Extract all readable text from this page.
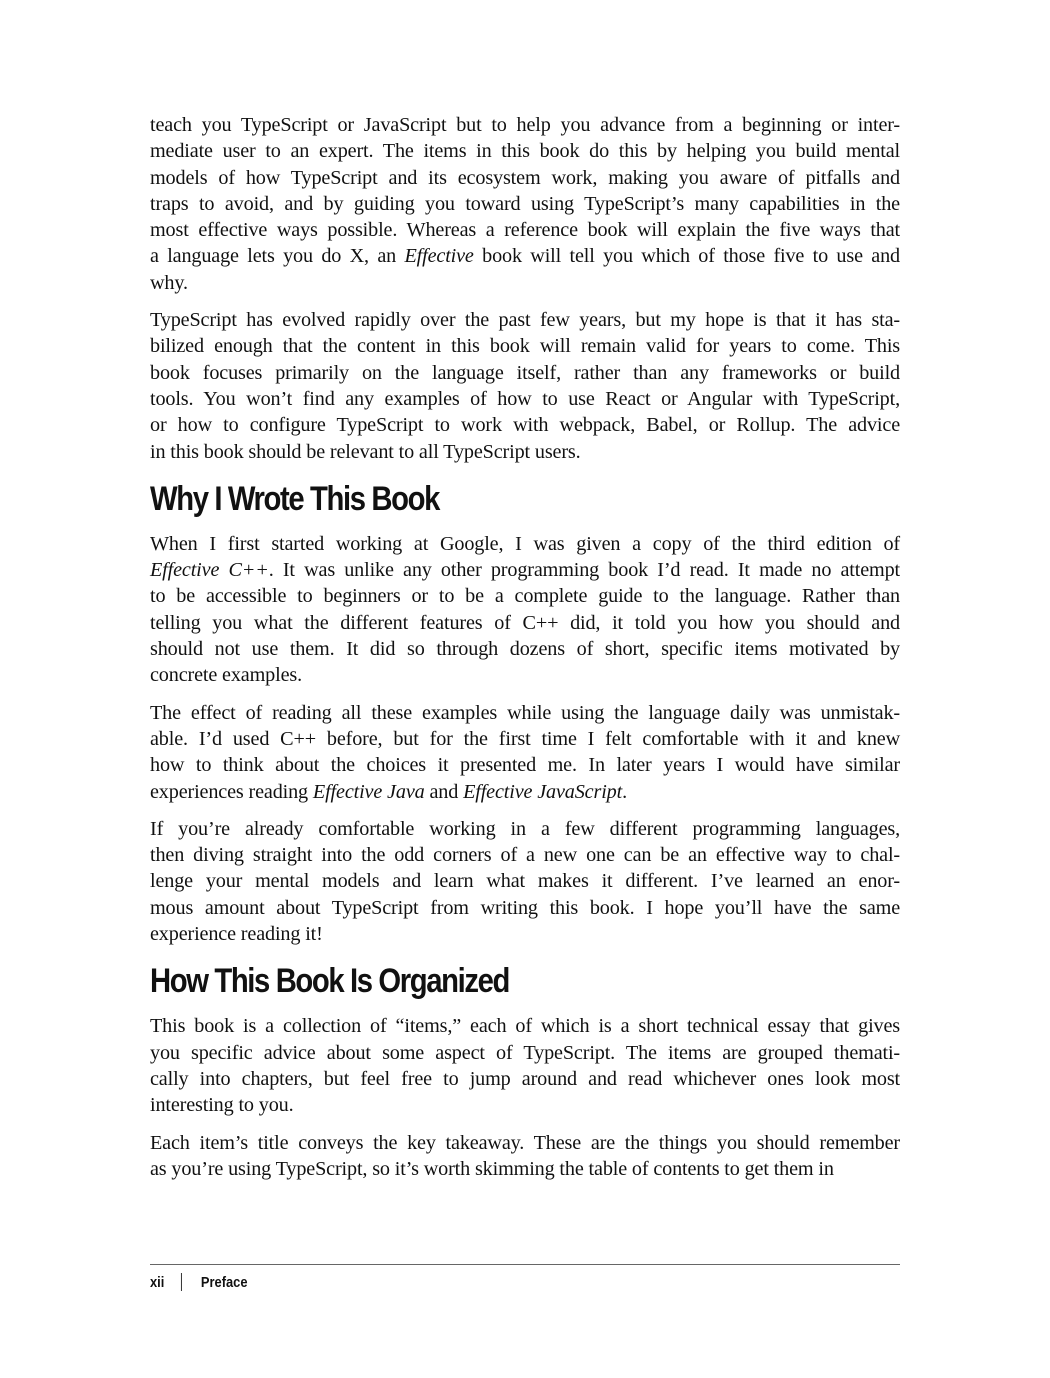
teach you TypeScript or JavaScript but to help you advance from a beginning or inter-
mediate user to an expert. The items in this book do this by helping you build mental
models of how TypeScript and its ecosystem work, making you aware of pitfalls and
traps to avoid, and by guiding you toward using TypeScript’s many capabilities in the
most effective ways possible. Whereas a reference book will explain the five ways that
a language lets you do X, an Effective book will tell you which of those five to use and
why.
TypeScript has evolved rapidly over the past few years, but my hope is that it has sta-
bilized enough that the content in this book will remain valid for years to come. This
book focuses primarily on the language itself, rather than any frameworks or build
tools. You won’t find any examples of how to use React or Angular with TypeScript,
or how to configure TypeScript to work with webpack, Babel, or Rollup. The advice
in this book should be relevant to all TypeScript users.
Why I Wrote This Book
When I first started working at Google, I was given a copy of the third edition of
Effective C++. It was unlike any other programming book I’d read. It made no attempt
to be accessible to beginners or to be a complete guide to the language. Rather than
telling you what the different features of C++ did, it told you how you should and
should not use them. It did so through dozens of short, specific items motivated by
concrete examples.
The effect of reading all these examples while using the language daily was unmistak-
able. I’d used C++ before, but for the first time I felt comfortable with it and knew
how to think about the choices it presented me. In later years I would have similar
experiences reading Effective Java and Effective JavaScript.
If you’re already comfortable working in a few different programming languages,
then diving straight into the odd corners of a new one can be an effective way to chal-
lenge your mental models and learn what makes it different. I’ve learned an enor-
mous amount about TypeScript from writing this book. I hope you’ll have the same
experience reading it!
How This Book Is Organized
This book is a collection of “items,” each of which is a short technical essay that gives
you specific advice about some aspect of TypeScript. The items are grouped themati-
cally into chapters, but feel free to jump around and read whichever ones look most
interesting to you.
Each item’s title conveys the key takeaway. These are the things you should remember
as you’re using TypeScript, so it’s worth skimming the table of contents to get them in
xii Preface
